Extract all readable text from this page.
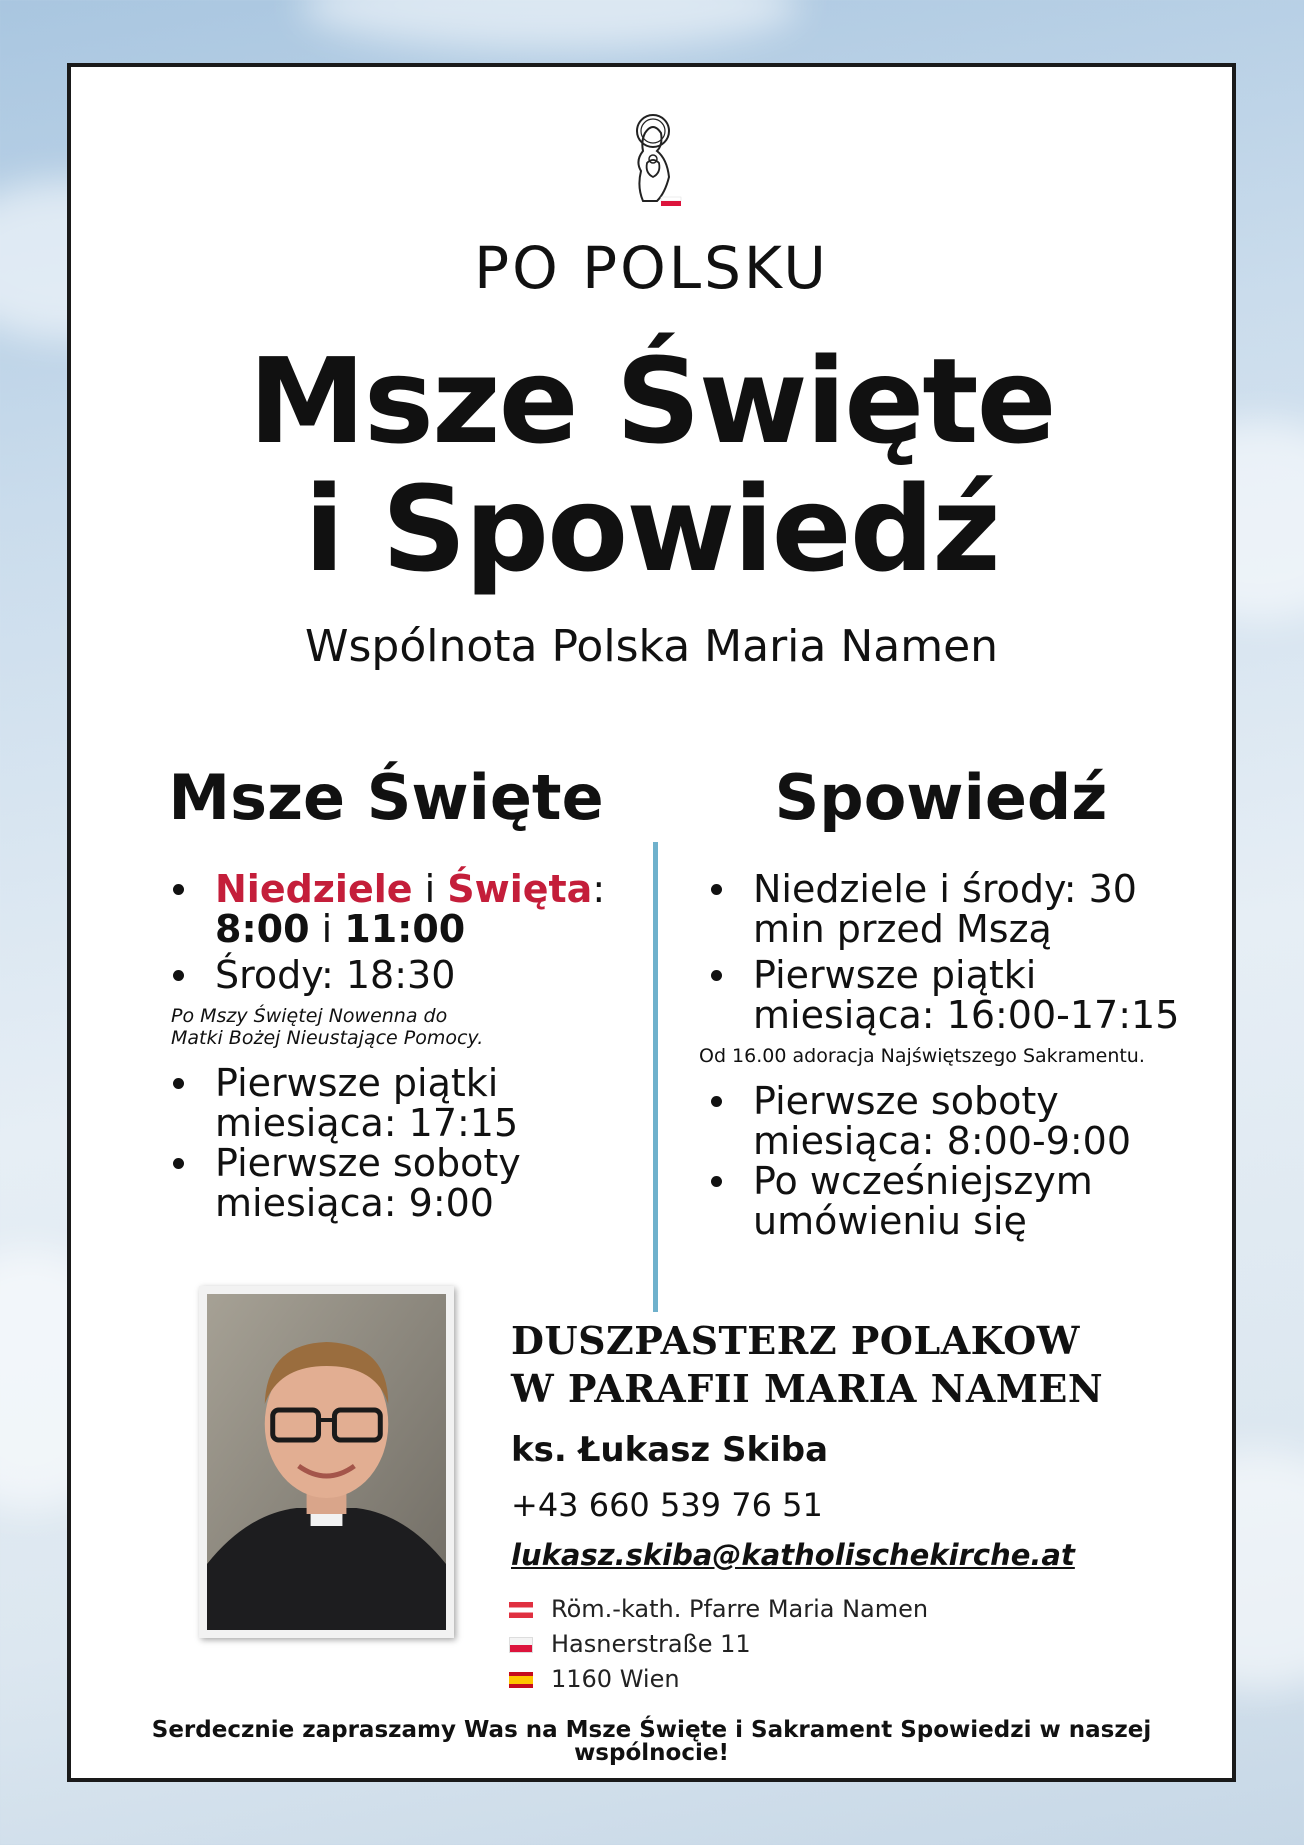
PO POLSKU
Msze Święte
i Spowiedź
Wspólnota Polska Maria Namen
Msze Święte	Spowiedź
Niedziele i Święta:
8:00 i 11:00
Środy: 18:30
Po Mszy Świętej Nowenna do
Matki Bożej Nieustające Pomocy.
Pierwsze piątki miesiąca: 17:15
Pierwsze soboty miesiąca: 9:00
Niedziele i środy: 30 min przed Mszą
Pierwsze piątki miesiąca: 16:00-17:15
Od 16.00 adoracja Najświętszego Sakramentu.
Pierwsze soboty miesiąca: 8:00-9:00
Po wcześniejszym umówieniu się
DUSZPASTERZ POLAKOW
W PARAFII MARIA NAMEN
ks. Łukasz Skiba
+43 660 539 76 51
lukasz.skiba@katholischekirche.at
Röm.-kath. Pfarre Maria Namen
Hasnerstraße 11
1160 Wien
Serdecznie zapraszamy Was na Msze Święte i Sakrament Spowiedzi w naszej wspólnocie!
